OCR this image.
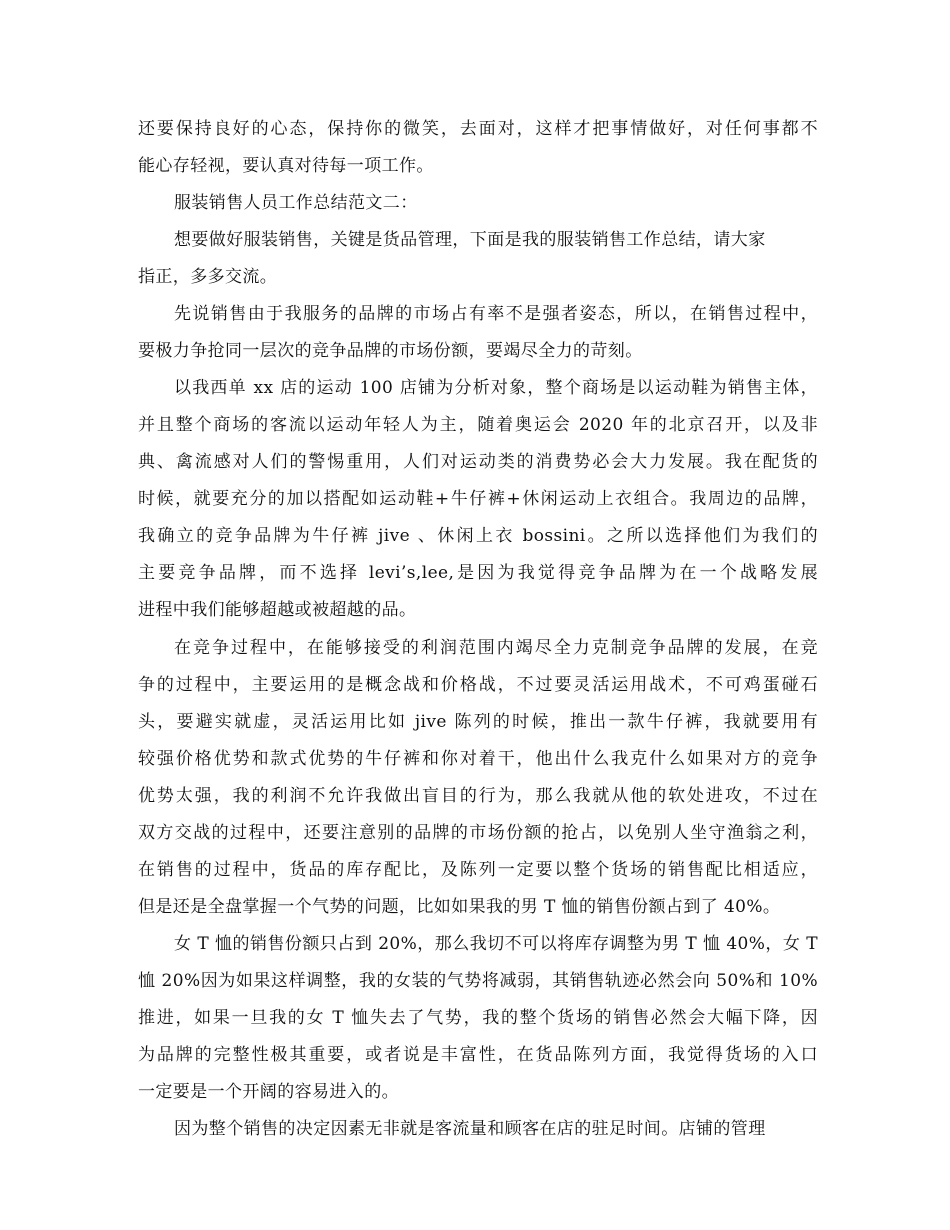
还要保持良好的心态，保持你的微笑，去面对，这样才把事情做好，对任何事都不
能心存轻视，要认真对待每一项工作。
服装销售人员工作总结范文二：
想要做好服装销售，关键是货品管理，下面是我的服装销售工作总结，请大家
指正，多多交流。
先说销售由于我服务的品牌的市场占有率不是强者姿态，所以，在销售过程中，
要极力争抢同一层次的竞争品牌的市场份额，要竭尽全力的苛刻。
以我西单 xx 店的运动 100 店铺为分析对象，整个商场是以运动鞋为销售主体，
并且整个商场的客流以运动年轻人为主，随着奥运会 2020 年的北京召开，以及非
典、禽流感对人们的警惕重用，人们对运动类的消费势必会大力发展。我在配货的
时候，就要充分的加以搭配如运动鞋+牛仔裤+休闲运动上衣组合。我周边的品牌，
我确立的竞争品牌为牛仔裤 jive 、休闲上衣 bossini。之所以选择他们为我们的
主要竞争品牌，而不选择 levi’s,lee,是因为我觉得竞争品牌为在一个战略发展
进程中我们能够超越或被超越的品。
在竞争过程中，在能够接受的利润范围内竭尽全力克制竞争品牌的发展，在竞
争的过程中，主要运用的是概念战和价格战，不过要灵活运用战术，不可鸡蛋碰石
头，要避实就虚，灵活运用比如 jive 陈列的时候，推出一款牛仔裤，我就要用有
较强价格优势和款式优势的牛仔裤和你对着干，他出什么我克什么如果对方的竞争
优势太强，我的利润不允许我做出盲目的行为，那么我就从他的软处进攻，不过在
双方交战的过程中，还要注意别的品牌的市场份额的抢占，以免别人坐守渔翁之利，
在销售的过程中，货品的库存配比，及陈列一定要以整个货场的销售配比相适应，
但是还是全盘掌握一个气势的问题，比如如果我的男 T 恤的销售份额占到了 40%。
女 T 恤的销售份额只占到 20%，那么我切不可以将库存调整为男 T 恤 40%，女 T
恤 20%因为如果这样调整，我的女装的气势将减弱，其销售轨迹必然会向 50%和 10%
推进，如果一旦我的女 T 恤失去了气势，我的整个货场的销售必然会大幅下降，因
为品牌的完整性极其重要，或者说是丰富性，在货品陈列方面，我觉得货场的入口
一定要是一个开阔的容易进入的。
因为整个销售的决定因素无非就是客流量和顾客在店的驻足时间。店铺的管理
